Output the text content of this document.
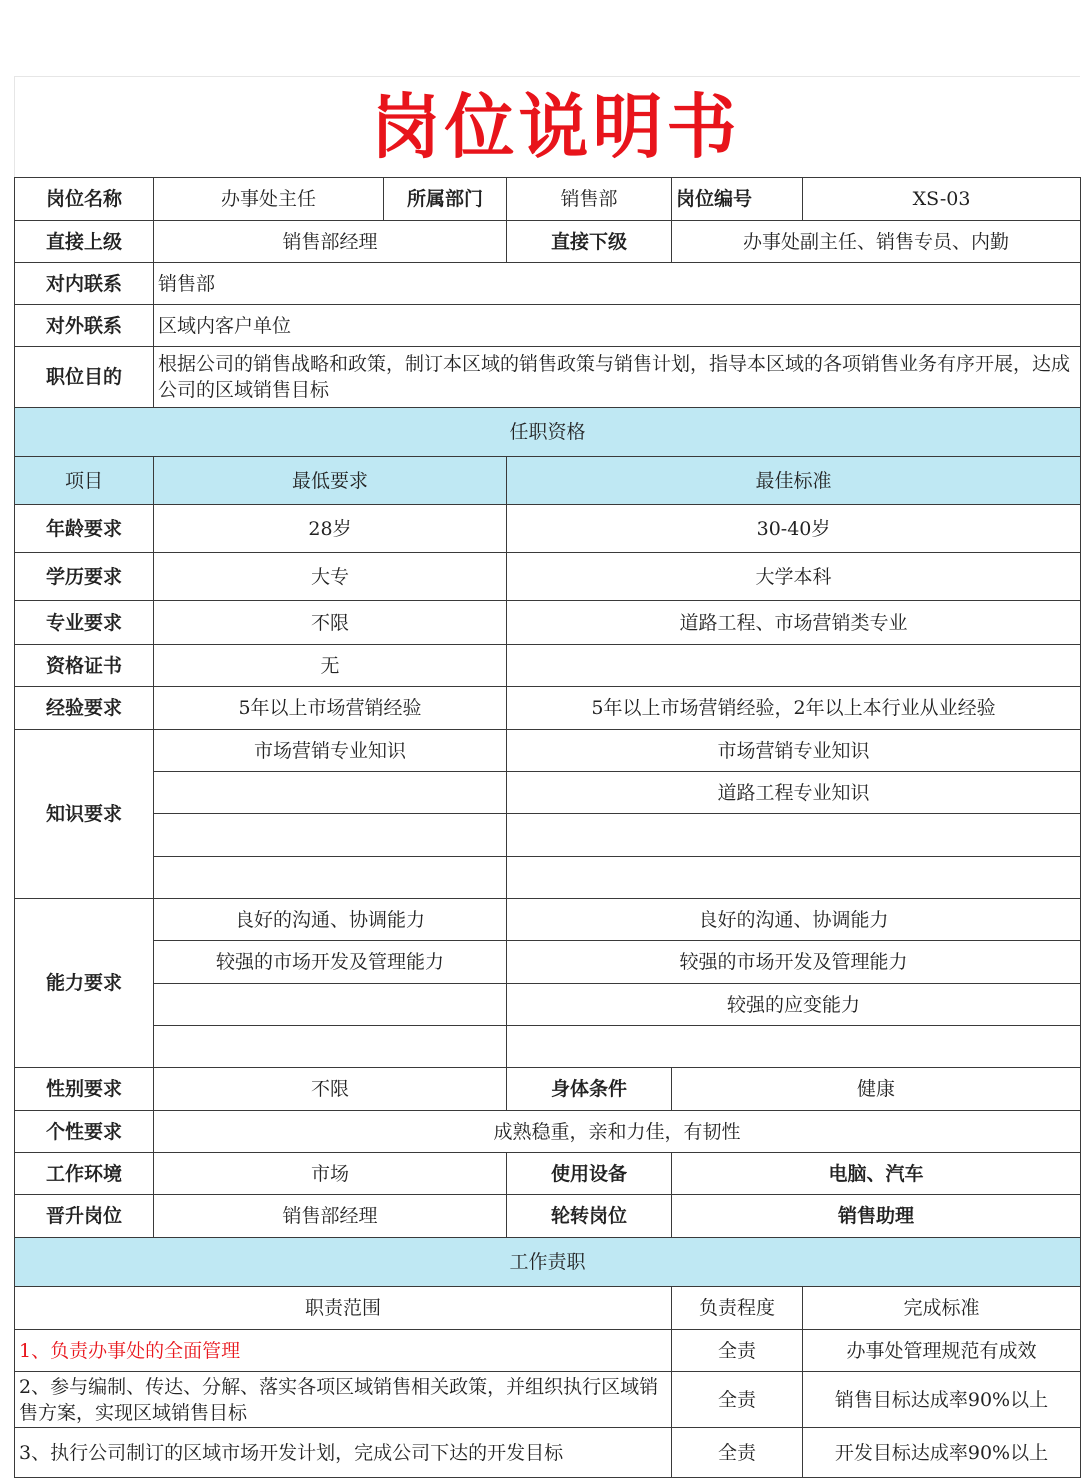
岗位说明书
岗位名称	办事处主任	所属部门	销售部	岗位编号	XS-03
直接上级	销售部经理		直接下级	办事处副主任、销售专员、内勤	
对内联系	销售部				
对外联系	区域内客户单位				
职位目的	根据公司的销售战略和政策，制订本区域的销售政策与销售计划，指导本区域的各项销售业务有序开展，达成公司的区域销售目标				
任职资格					
项目	最低要求		最佳标准		
年龄要求	28岁		30-40岁		
学历要求	大专		大学本科		
专业要求	不限		道路工程、市场营销类专业		
资格证书	无				
经验要求	5年以上市场营销经验		5年以上市场营销经验，2年以上本行业从业经验		
知识要求	市场营销专业知识		市场营销专业知识		
			道路工程专业知识		

能力要求	良好的沟通、协调能力		良好的沟通、协调能力		
	较强的市场开发及管理能力		较强的市场开发及管理能力		
			较强的应变能力		

性别要求	不限		身体条件	健康	
个性要求	成熟稳重，亲和力佳，有韧性				
工作环境	市场		使用设备	电脑、汽车	
晋升岗位	销售部经理		轮转岗位	销售助理	
工作责职					
职责范围				负责程度	完成标准
1、负责办事处的全面管理				全责	办事处管理规范有成效
2、参与编制、传达、分解、落实各项区域销售相关政策，并组织执行区域销售方案，实现区域销售目标				全责	销售目标达成率90%以上
3、执行公司制订的区域市场开发计划，完成公司下达的开发目标				全责	开发目标达成率90%以上
